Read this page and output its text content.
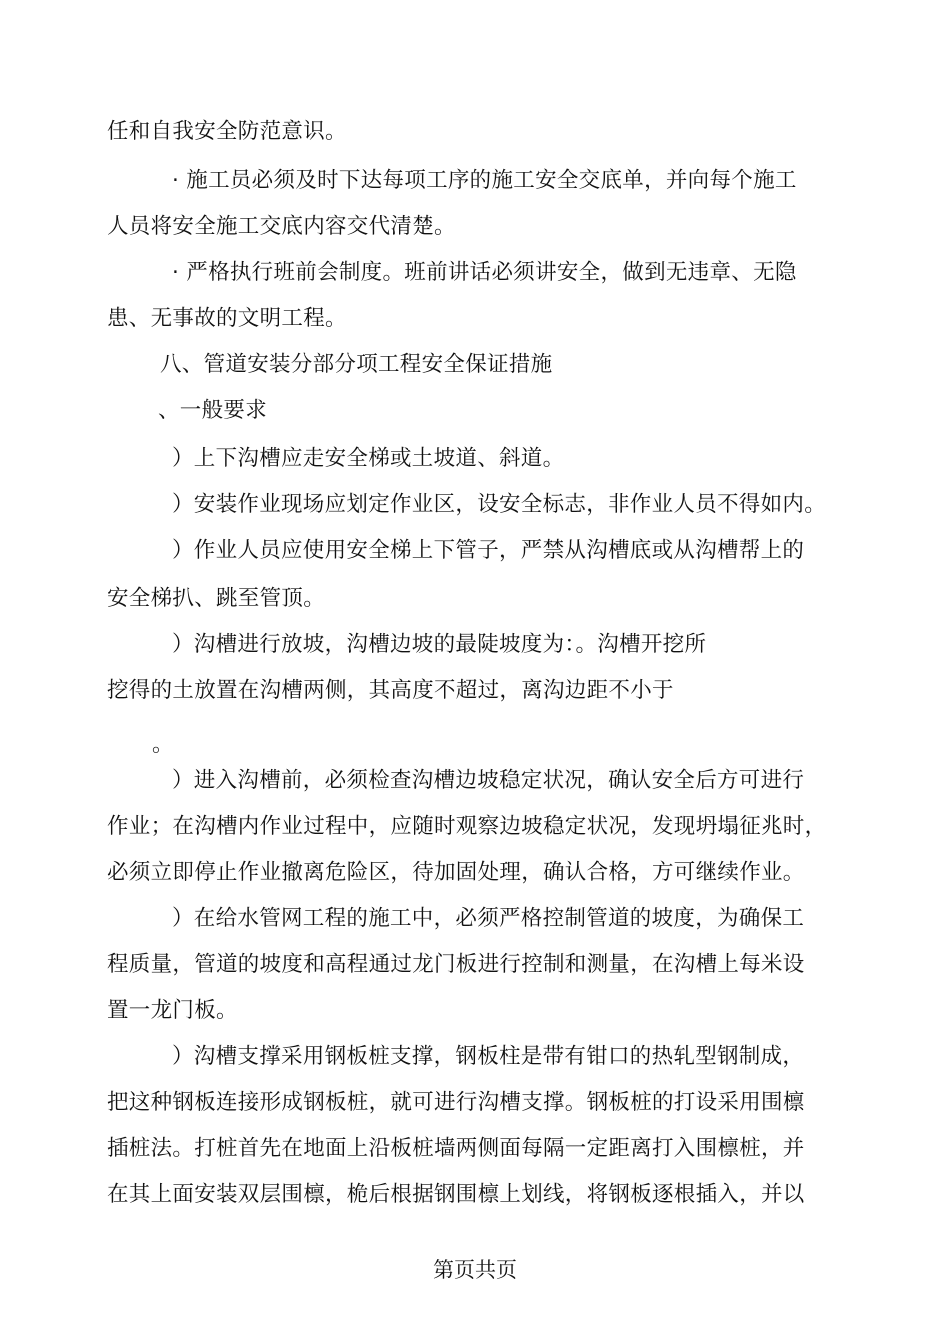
任和自我安全防范意识。
· 施工员必须及时下达每项工序的施工安全交底单，并向每个施工
人员将安全施工交底内容交代清楚。
· 严格执行班前会制度。班前讲话必须讲安全，做到无违章、无隐
患、无事故的文明工程。
八、管道安装分部分项工程安全保证措施
、一般要求
）上下沟槽应走安全梯或土坡道、斜道。
）安装作业现场应划定作业区，设安全标志，非作业人员不得如内。
）作业人员应使用安全梯上下管子，严禁从沟槽底或从沟槽帮上的
安全梯扒、跳至管顶。
）沟槽进行放坡，沟槽边坡的最陡坡度为：。沟槽开挖所
挖得的土放置在沟槽两侧，其高度不超过，离沟边距不小于
。
）进入沟槽前，必须检查沟槽边坡稳定状况，确认安全后方可进行
作业；在沟槽内作业过程中，应随时观察边坡稳定状况，发现坍塌征兆时，
必须立即停止作业撤离危险区，待加固处理，确认合格，方可继续作业。
）在给水管网工程的施工中，必须严格控制管道的坡度，为确保工
程质量，管道的坡度和高程通过龙门板进行控制和测量，在沟槽上每米设
置一龙门板。
）沟槽支撑采用钢板桩支撑，钢板柱是带有钳口的热轧型钢制成，
把这种钢板连接形成钢板桩，就可进行沟槽支撑。钢板桩的打设采用围檩
插桩法。打桩首先在地面上沿板桩墙两侧面每隔一定距离打入围檩桩，并
在其上面安装双层围檩，桅后根据钢围檩上划线，将钢板逐根插入，并以
第页共页
